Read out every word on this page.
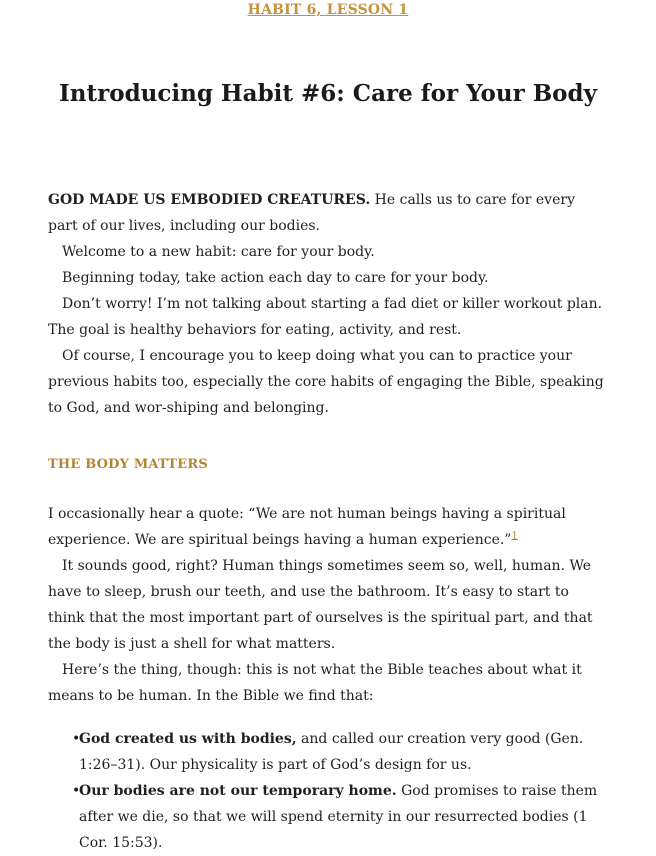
HABIT 6, LESSON 1
Introducing Habit #6: Care for Your Body

GOD MADE US EMBODIED CREATURES. He calls us to care for every part of our lives, including our bodies.

Welcome to a new habit: care for your body.

Beginning today, take action each day to care for your body.

Don’t worry! I’m not talking about starting a fad diet or killer workout plan. The goal is healthy behaviors for eating, activity, and rest.

Of course, I encourage you to keep doing what you can to practice your previous habits too, especially the core habits of engaging the Bible, speaking to God, and wor-shiping and belonging.

THE BODY MATTERS

I occasionally hear a quote: “We are not human beings having a spiritual experience. We are spiritual beings having a human experience.”$^1$

It sounds good, right? Human things sometimes seem so, well, human. We have to sleep, brush our teeth, and use the bathroom. It’s easy to start to think that the most important part of ourselves is the spiritual part, and that the body is just a shell for what matters.

Here’s the thing, though: this is not what the Bible teaches about what it means to be human. In the Bible we find that:

•God created us with bodies, and called our creation very good (Gen. 1:26–31). Our physicality is part of God’s design for us.
•Our bodies are not our temporary home. God promises to raise them after we die, so that we will spend eternity in our resurrected bodies (1 Cor. 15:53).
